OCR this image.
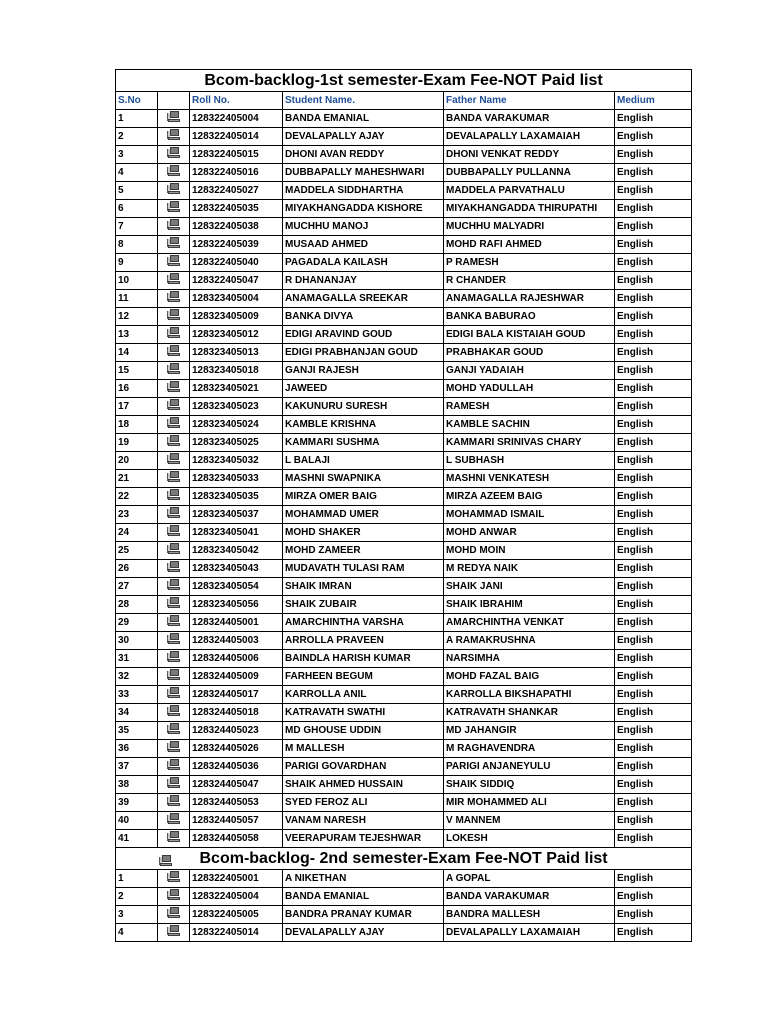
Bcom-backlog-1st semester-Exam Fee-NOT Paid list					
S.No		Roll No.	Student Name.	Father Name	Medium
1		128322405004	BANDA EMANIAL	BANDA VARAKUMAR	English
2		128322405014	DEVALAPALLY AJAY	DEVALAPALLY LAXAMAIAH	English
3		128322405015	DHONI AVAN REDDY	DHONI VENKAT REDDY	English
4		128322405016	DUBBAPALLY MAHESHWARI	DUBBAPALLY PULLANNA	English
5		128322405027	MADDELA SIDDHARTHA	MADDELA PARVATHALU	English
6		128322405035	MIYAKHANGADDA KISHORE	MIYAKHANGADDA THIRUPATHI	English
7		128322405038	MUCHHU MANOJ	MUCHHU MALYADRI	English
8		128322405039	MUSAAD AHMED	MOHD RAFI AHMED	English
9		128322405040	PAGADALA KAILASH	P RAMESH	English
10		128322405047	R DHANANJAY	R CHANDER	English
11		128323405004	ANAMAGALLA SREEKAR	ANAMAGALLA RAJESHWAR	English
12		128323405009	BANKA DIVYA	BANKA BABURAO	English
13		128323405012	EDIGI ARAVIND GOUD	EDIGI BALA KISTAIAH GOUD	English
14		128323405013	EDIGI PRABHANJAN GOUD	PRABHAKAR GOUD	English
15		128323405018	GANJI RAJESH	GANJI YADAIAH	English
16		128323405021	JAWEED	MOHD YADULLAH	English
17		128323405023	KAKUNURU SURESH	RAMESH	English
18		128323405024	KAMBLE KRISHNA	KAMBLE SACHIN	English
19		128323405025	KAMMARI SUSHMA	KAMMARI SRINIVAS CHARY	English
20		128323405032	L BALAJI	L SUBHASH	English
21		128323405033	MASHNI SWAPNIKA	MASHNI VENKATESH	English
22		128323405035	MIRZA OMER BAIG	MIRZA AZEEM BAIG	English
23		128323405037	MOHAMMAD UMER	MOHAMMAD ISMAIL	English
24		128323405041	MOHD SHAKER	MOHD ANWAR	English
25		128323405042	MOHD ZAMEER	MOHD MOIN	English
26		128323405043	MUDAVATH TULASI RAM	M REDYA NAIK	English
27		128323405054	SHAIK IMRAN	SHAIK JANI	English
28		128323405056	SHAIK ZUBAIR	SHAIK IBRAHIM	English
29		128324405001	AMARCHINTHA VARSHA	AMARCHINTHA VENKAT	English
30		128324405003	ARROLLA PRAVEEN	A RAMAKRUSHNA	English
31		128324405006	BAINDLA HARISH KUMAR	NARSIMHA	English
32		128324405009	FARHEEN BEGUM	MOHD FAZAL BAIG	English
33		128324405017	KARROLLA ANIL	KARROLLA BIKSHAPATHI	English
34		128324405018	KATRAVATH SWATHI	KATRAVATH SHANKAR	English
35		128324405023	MD GHOUSE UDDIN	MD JAHANGIR	English
36		128324405026	M MALLESH	M RAGHAVENDRA	English
37		128324405036	PARIGI GOVARDHAN	PARIGI ANJANEYULU	English
38		128324405047	SHAIK AHMED HUSSAIN	SHAIK SIDDIQ	English
39		128324405053	SYED FEROZ ALI	MIR MOHAMMED ALI	English
40		128324405057	VANAM NARESH	V MANNEM	English
41		128324405058	VEERAPURAM TEJESHWAR	LOKESH	English

Bcom-backlog- 2nd semester-Exam Fee-NOT Paid list				
1		128322405001	A NIKETHAN	A GOPAL	English
2		128322405004	BANDA EMANIAL	BANDA VARAKUMAR	English
3		128322405005	BANDRA PRANAY KUMAR	BANDRA MALLESH	English
4		128322405014	DEVALAPALLY AJAY	DEVALAPALLY LAXAMAIAH	English
